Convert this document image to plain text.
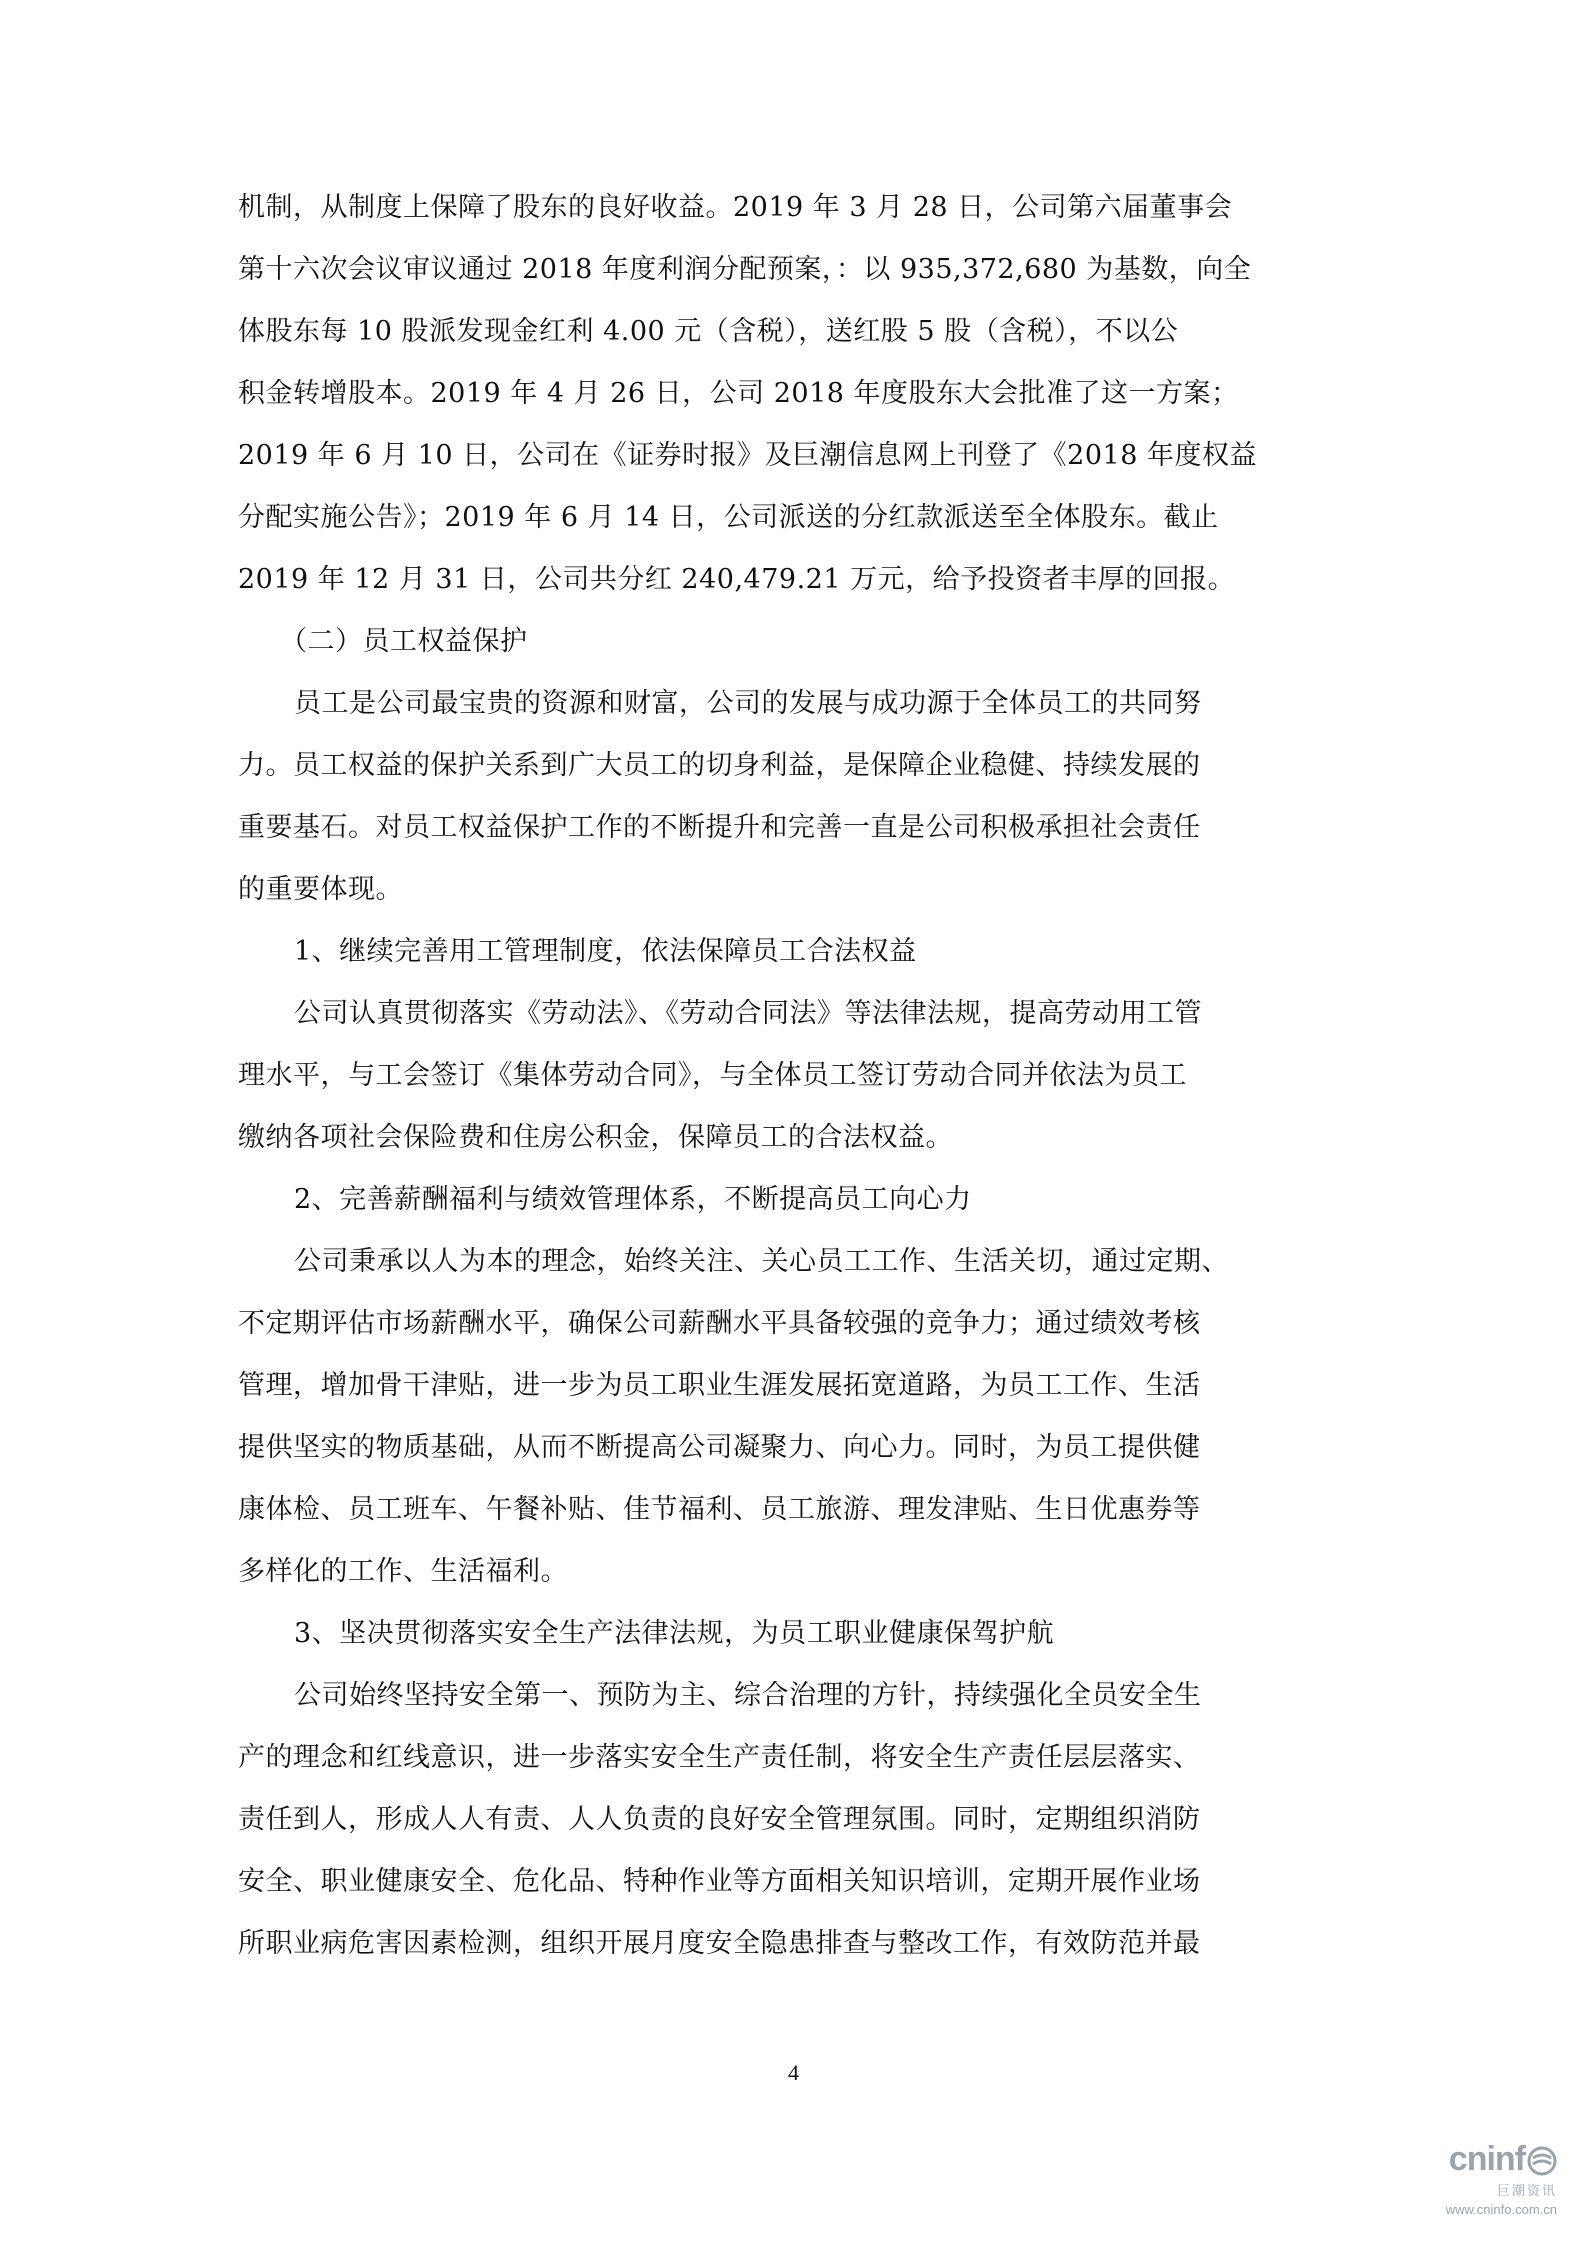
机制，从制度上保障了股东的良好收益。2019 年 3 月 28 日，公司第六届董事会
第十六次会议审议通过 2018 年度利润分配预案，：以 935,372,680 为基数，向全
体股东每 10 股派发现金红利 4.00 元（含税），送红股 5 股（含税），不以公
积金转增股本。2019 年 4 月 26 日，公司 2018 年度股东大会批准了这一方案；
2019 年 6 月 10 日，公司在《证券时报》及巨潮信息网上刊登了《2018 年度权益
分配实施公告》；2019 年 6 月 14 日，公司派送的分红款派送至全体股东。截止
2019 年 12 月 31 日，公司共分红 240,479.21 万元，给予投资者丰厚的回报。
（二）员工权益保护
员工是公司最宝贵的资源和财富，公司的发展与成功源于全体员工的共同努
力。员工权益的保护关系到广大员工的切身利益，是保障企业稳健、持续发展的
重要基石。对员工权益保护工作的不断提升和完善一直是公司积极承担社会责任
的重要体现。
1、继续完善用工管理制度，依法保障员工合法权益
公司认真贯彻落实《劳动法》、《劳动合同法》等法律法规，提高劳动用工管
理水平，与工会签订《集体劳动合同》，与全体员工签订劳动合同并依法为员工
缴纳各项社会保险费和住房公积金，保障员工的合法权益。
2、完善薪酬福利与绩效管理体系，不断提高员工向心力
公司秉承以人为本的理念，始终关注、关心员工工作、生活关切，通过定期、
不定期评估市场薪酬水平，确保公司薪酬水平具备较强的竞争力；通过绩效考核
管理，增加骨干津贴，进一步为员工职业生涯发展拓宽道路，为员工工作、生活
提供坚实的物质基础，从而不断提高公司凝聚力、向心力。同时，为员工提供健
康体检、员工班车、午餐补贴、佳节福利、员工旅游、理发津贴、生日优惠券等
多样化的工作、生活福利。
3、坚决贯彻落实安全生产法律法规，为员工职业健康保驾护航
公司始终坚持安全第一、预防为主、综合治理的方针，持续强化全员安全生
产的理念和红线意识，进一步落实安全生产责任制，将安全生产责任层层落实、
责任到人，形成人人有责、人人负责的良好安全管理氛围。同时，定期组织消防
安全、职业健康安全、危化品、特种作业等方面相关知识培训，定期开展作业场
所职业病危害因素检测，组织开展月度安全隐患排查与整改工作，有效防范并最
4
cninf
巨潮资讯
www.cninfo.com.cn
